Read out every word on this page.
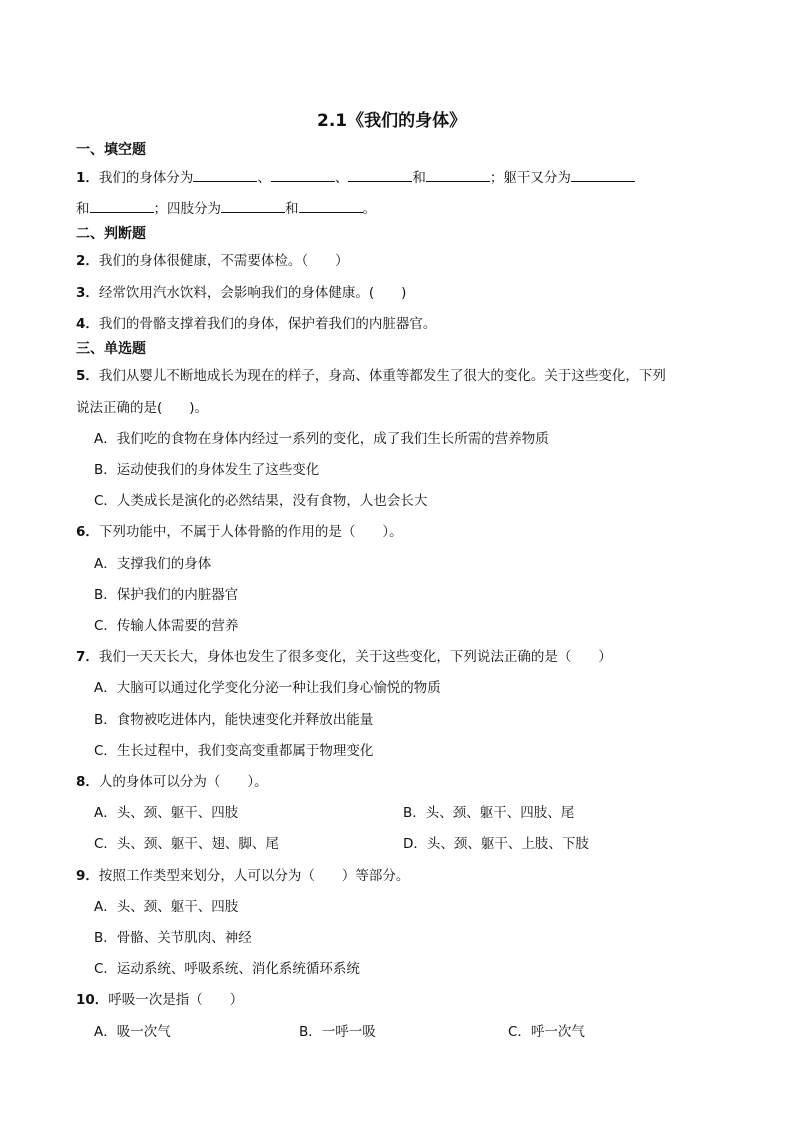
2.1《我们的身体》
一、填空题
1．我们的身体分为	、	、	和	；躯干又分为
和	；四肢分为	和	。
二、判断题
2．我们的身体很健康，不需要体检。（　　）
3．经常饮用汽水饮料，会影响我们的身体健康。(　　)
4．我们的骨骼支撑着我们的身体，保护着我们的内脏器官。
三、单选题
5．我们从婴儿不断地成长为现在的样子，身高、体重等都发生了很大的变化。关于这些变化，下列
说法正确的是(　　)。
A．我们吃的食物在身体内经过一系列的变化，成了我们生长所需的营养物质
B．运动使我们的身体发生了这些变化
C．人类成长是演化的必然结果，没有食物，人也会长大
6．下列功能中，不属于人体骨骼的作用的是（　　）。
A．支撑我们的身体
B．保护我们的内脏器官
C．传输人体需要的营养
7．我们一天天长大，身体也发生了很多变化，关于这些变化，下列说法正确的是（　　）
A．大脑可以通过化学变化分泌一种让我们身心愉悦的物质
B．食物被吃进体内，能快速变化并释放出能量
C．生长过程中，我们变高变重都属于物理变化
8．人的身体可以分为（　　）。
A．头、颈、躯干、四肢	B．头、颈、躯干、四肢、尾
C．头、颈、躯干、翅、脚、尾	D．头、颈、躯干、上肢、下肢
9．按照工作类型来划分，人可以分为（　　）等部分。
A．头、颈、躯干、四肢
B．骨骼、关节肌肉、神经
C．运动系统、呼吸系统、消化系统循环系统
10．呼吸一次是指（　　）
A．吸一次气	B．一呼一吸	C．呼一次气
